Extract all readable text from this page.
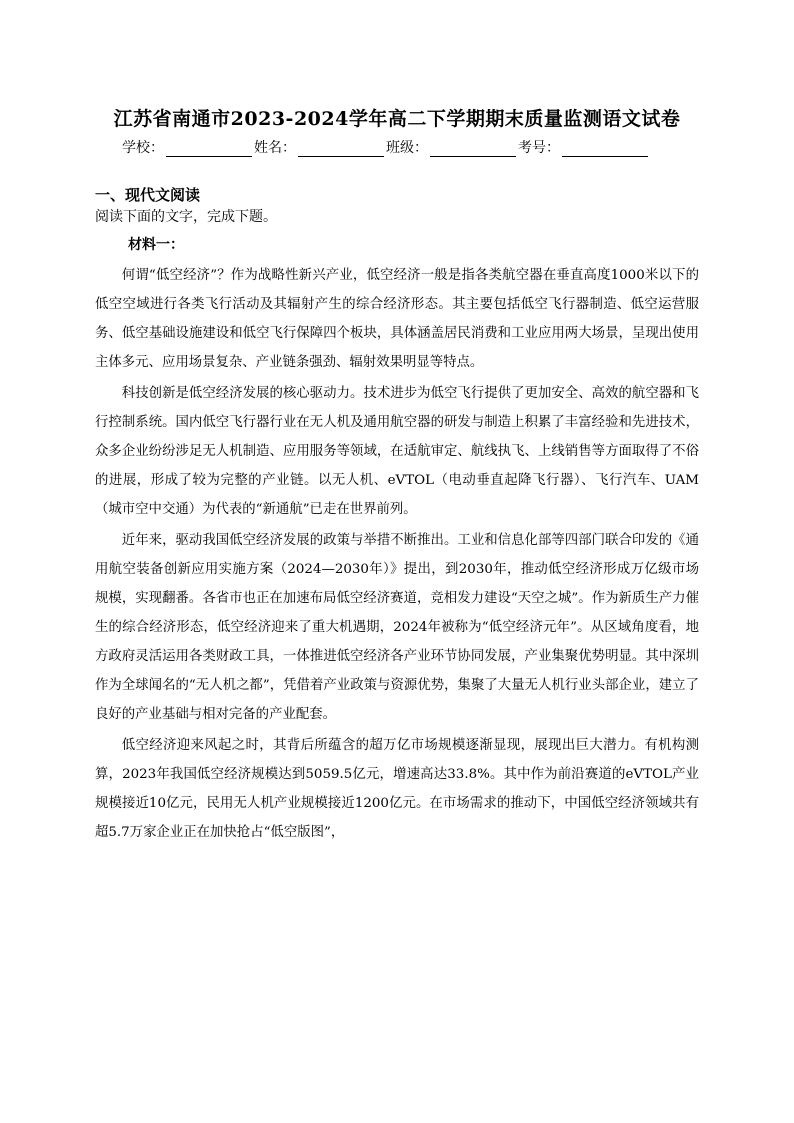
江苏省南通市2023-2024学年高二下学期期末质量监测语文试卷
学校：	姓名：	班级：	考号：
一、现代文阅读
阅读下面的文字，完成下题。
材料一：

何谓“低空经济”？作为战略性新兴产业，低空经济一般是指各类航空器在垂直高度1000米以下的低空空域进行各类飞行活动及其辐射产生的综合经济形态。其主要包括低空飞行器制造、低空运营服务、低空基础设施建设和低空飞行保障四个板块，具体涵盖居民消费和工业应用两大场景，呈现出使用主体多元、应用场景复杂、产业链条强劲、辐射效果明显等特点。

科技创新是低空经济发展的核心驱动力。技术进步为低空飞行提供了更加安全、高效的航空器和飞行控制系统。国内低空飞行器行业在无人机及通用航空器的研发与制造上积累了丰富经验和先进技术，众多企业纷纷涉足无人机制造、应用服务等领域，在适航审定、航线执飞、上线销售等方面取得了不俗的进展，形成了较为完整的产业链。以无人机、eVTOL（电动垂直起降飞行器）、飞行汽车、UAM（城市空中交通）为代表的“新通航”已走在世界前列。

近年来，驱动我国低空经济发展的政策与举措不断推出。工业和信息化部等四部门联合印发的《通用航空装备创新应用实施方案（2024—2030年）》提出，到2030年，推动低空经济形成万亿级市场规模，实现翻番。各省市也正在加速布局低空经济赛道，竞相发力建设“天空之城”。作为新质生产力催生的综合经济形态，低空经济迎来了重大机遇期，2024年被称为“低空经济元年”。从区域角度看，地方政府灵活运用各类财政工具，一体推进低空经济各产业环节协同发展，产业集聚优势明显。其中深圳作为全球闻名的“无人机之都”，凭借着产业政策与资源优势，集聚了大量无人机行业头部企业，建立了良好的产业基础与相对完备的产业配套。

低空经济迎来风起之时，其背后所蕴含的超万亿市场规模逐渐显现，展现出巨大潜力。有机构测算，2023年我国低空经济规模达到5059.5亿元，增速高达33.8%。其中作为前沿赛道的eVTOL产业规模接近10亿元，民用无人机产业规模接近1200亿元。在市场需求的推动下，中国低空经济领域共有超5.7万家企业正在加快抢占“低空版图”，
